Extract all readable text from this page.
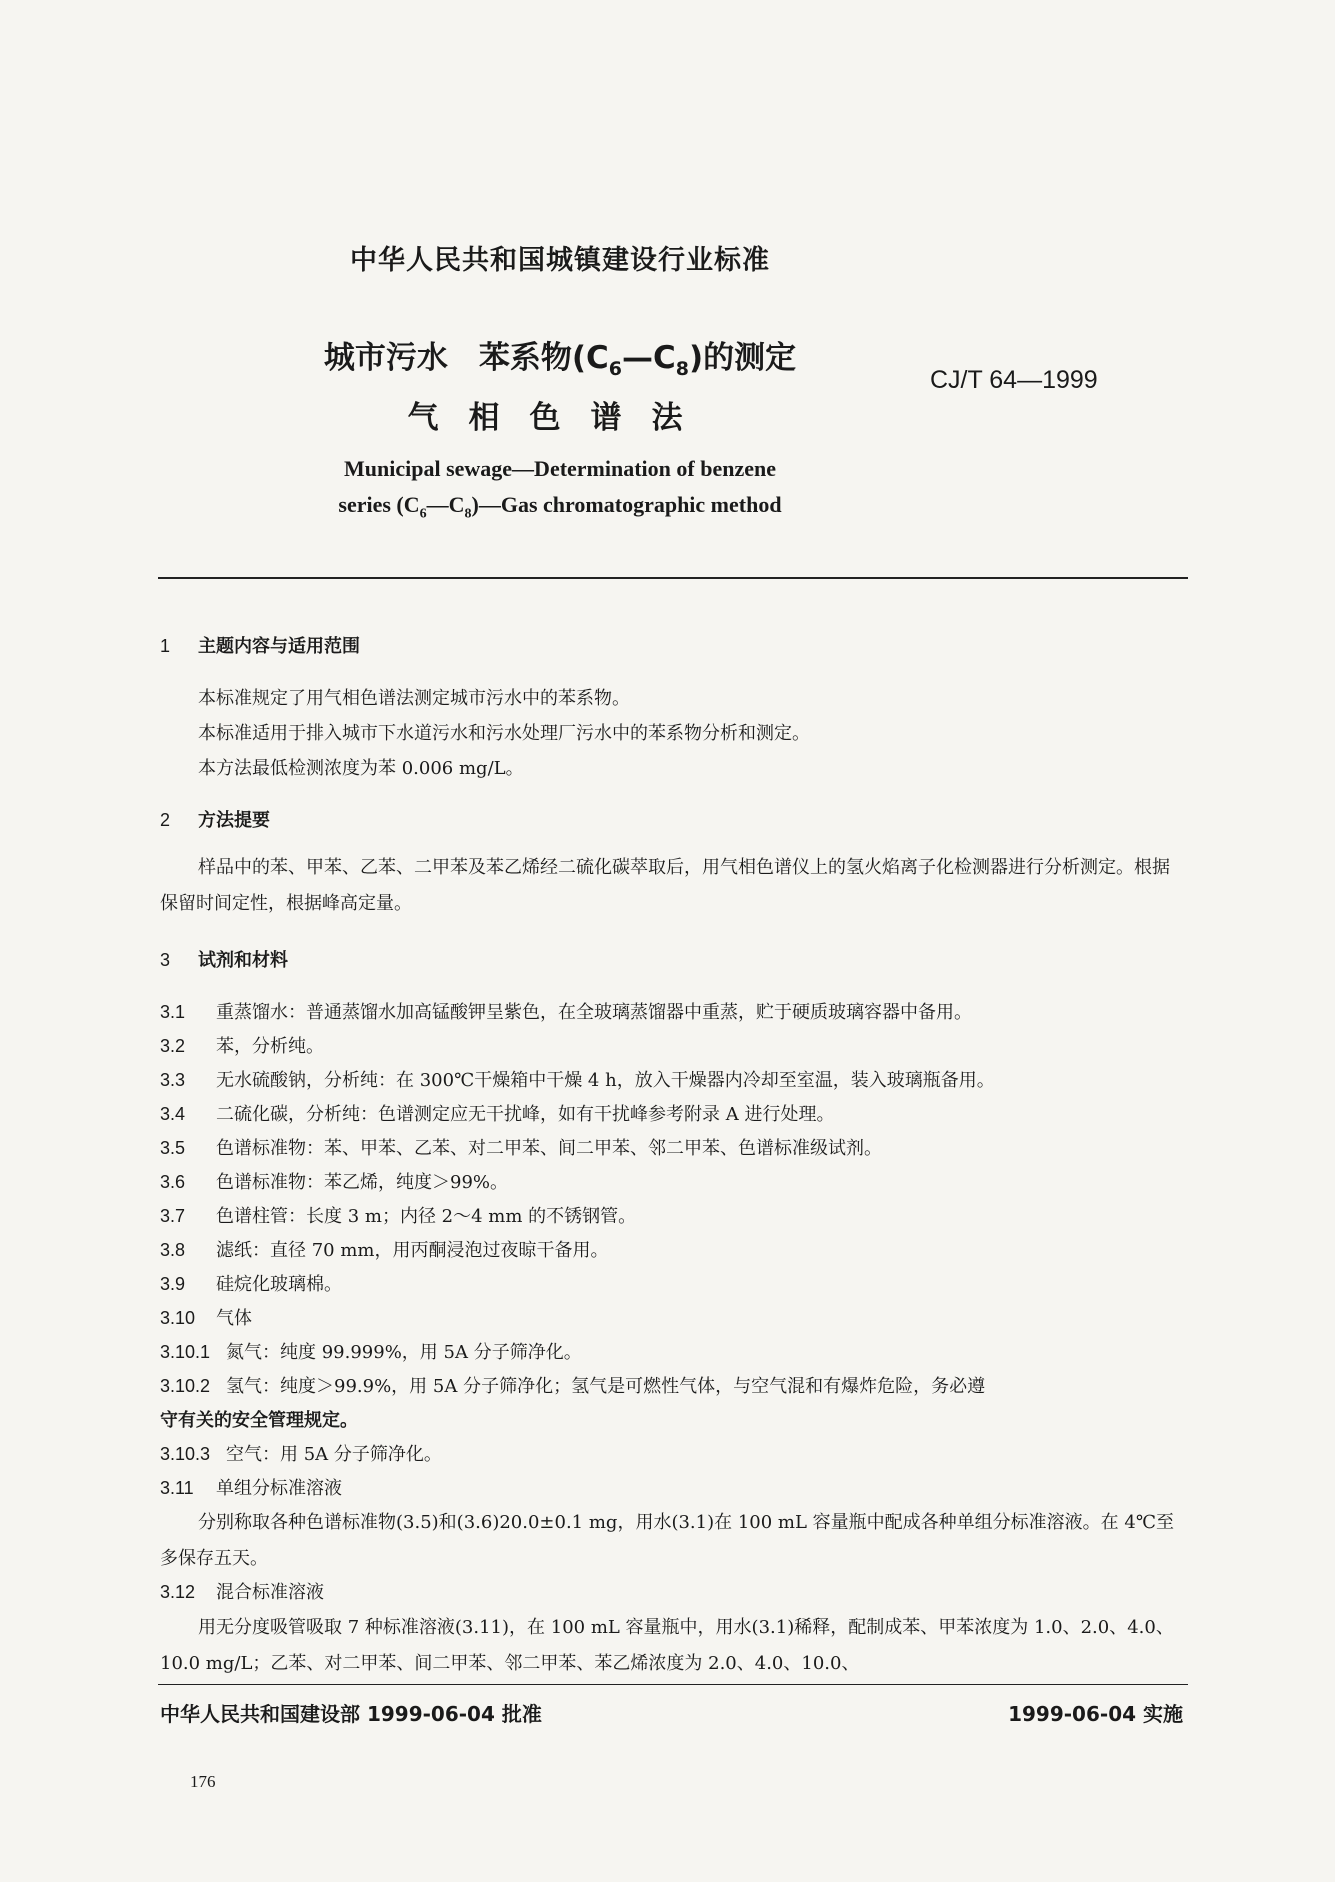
中华人民共和国城镇建设行业标准
城市污水　苯系物$(C_6—C_8)$的测定
气相色谱法
CJ/T 64—1999
Municipal sewage—Determination of benzene
series $(C_6—C_8)—Gas$ chromatographic method
1 主题内容与适用范围
本标准规定了用气相色谱法测定城市污水中的苯系物。
本标准适用于排入城市下水道污水和污水处理厂污水中的苯系物分析和测定。
本方法最低检测浓度为苯 0.006 mg/L。
2 方法提要
样品中的苯、甲苯、乙苯、二甲苯及苯乙烯经二硫化碳萃取后，用气相色谱仪上的氢火焰离子化检测器进行分析测定。根据保留时间定性，根据峰高定量。
3 试剂和材料
3.1 重蒸馏水：普通蒸馏水加高锰酸钾呈紫色，在全玻璃蒸馏器中重蒸，贮于硬质玻璃容器中备用。
3.2 苯，分析纯。
3.3 无水硫酸钠，分析纯：在 300℃干燥箱中干燥 4 h，放入干燥器内冷却至室温，装入玻璃瓶备用。
3.4 二硫化碳，分析纯：色谱测定应无干扰峰，如有干扰峰参考附录 A 进行处理。
3.5 色谱标准物：苯、甲苯、乙苯、对二甲苯、间二甲苯、邻二甲苯、色谱标准级试剂。
3.6 色谱标准物：苯乙烯，纯度＞99%。
3.7 色谱柱管：长度 3 m；内径 2～4 mm 的不锈钢管。
3.8 滤纸：直径 70 mm，用丙酮浸泡过夜晾干备用。
3.9 硅烷化玻璃棉。
3.10 气体
3.10.1 氮气：纯度 99.999%，用 5A 分子筛净化。
3.10.2 氢气：纯度＞99.9%，用 5A 分子筛净化；氢气是可燃性气体，与空气混和有爆炸危险，务必遵
守有关的安全管理规定。
3.10.3 空气：用 5A 分子筛净化。
3.11 单组分标准溶液
分别称取各种色谱标准物(3.5)和(3.6)20.0±0.1 mg，用水(3.1)在 100 mL 容量瓶中配成各种单组分标准溶液。在 4℃至多保存五天。
3.12 混合标准溶液
用无分度吸管吸取 7 种标准溶液(3.11)，在 100 mL 容量瓶中，用水(3.1)稀释，配制成苯、甲苯浓度为 1.0、2.0、4.0、10.0 mg/L；乙苯、对二甲苯、间二甲苯、邻二甲苯、苯乙烯浓度为 2.0、4.0、10.0、
中华人民共和国建设部 1999-06-04 批准	1999-06-04 实施
176
